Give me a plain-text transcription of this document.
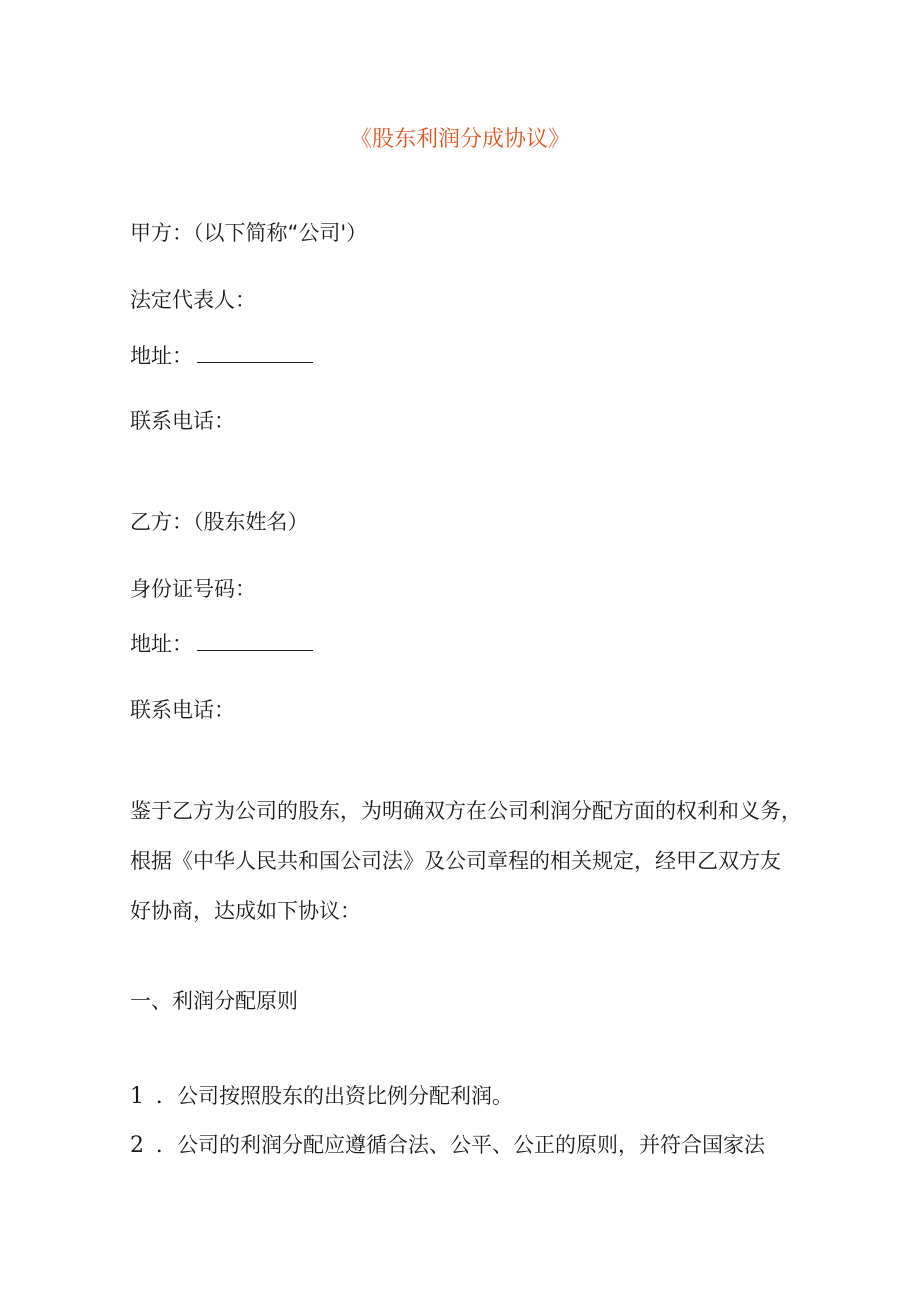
《股东利润分成协议》
甲方：（以下简称“公司'）
法定代表人：
地址：
联系电话：
乙方：（股东姓名）
身份证号码：
地址：
联系电话：
鉴于乙方为公司的股东，为明确双方在公司利润分配方面的权利和义务，
根据《中华人民共和国公司法》及公司章程的相关规定，经甲乙双方友
好协商，达成如下协议：
一、利润分配原则
1 ．公司按照股东的出资比例分配利润。
2 ．公司的利润分配应遵循合法、公平、公正的原则，并符合国家法
